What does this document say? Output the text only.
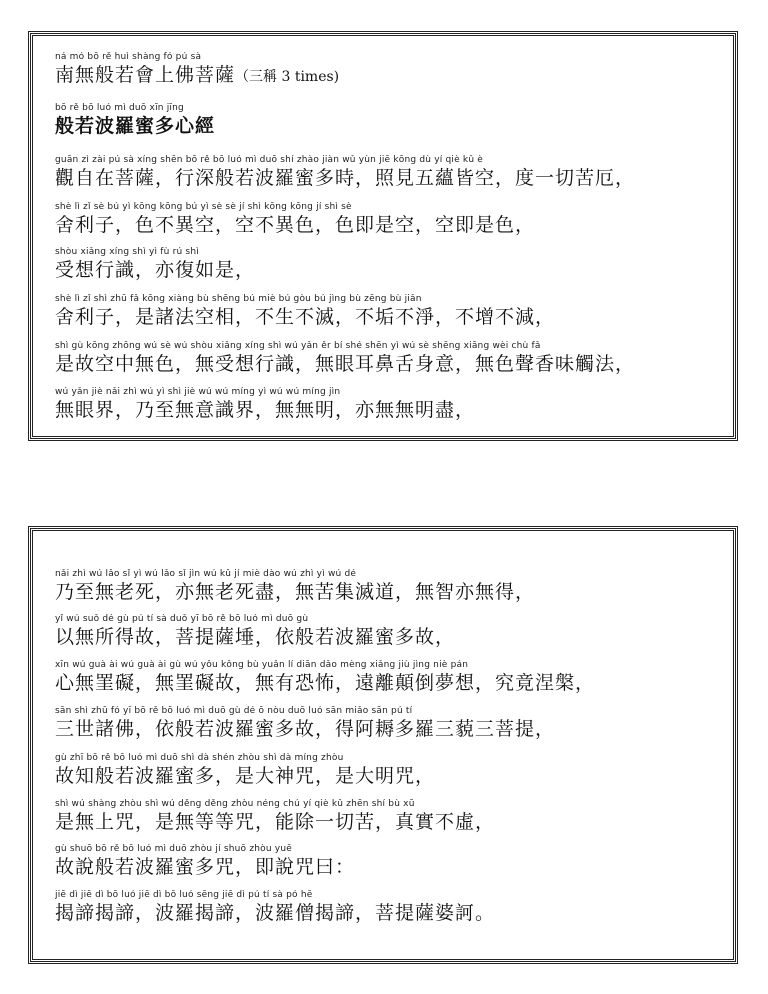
ná mó bō rě huì shàng fó pú sà
南無般若會上佛菩薩（三稱 3 times)
bō rě bō luó mì duō xīn jīng
般若波羅蜜多心經
guān zì zài pú sà xíng shēn bō rě bō luó mì duō shí zhào jiàn wǔ yùn jiē kōng dù yí qiè kǔ è
觀自在菩薩，行深般若波羅蜜多時，照見五蘊皆空，度一切苦厄，
shè lì zǐ sè bú yì kōng kōng bú yì sè sè jí shì kōng kōng jí shì sè
舍利子，色不異空，空不異色，色即是空，空即是色，
shòu xiǎng xíng shì yì fù rú shì
受想行識，亦復如是，
shè lì zǐ shì zhū fǎ kōng xiàng bù shēng bú miè bú gòu bú jìng bù zēng bù jiǎn
舍利子，是諸法空相，不生不滅，不垢不淨，不增不減，
shì gù kōng zhōng wú sè wú shòu xiǎng xíng shì wú yǎn ěr bí shé shēn yì wú sè shēng xiāng wèi chù fǎ
是故空中無色，無受想行識，無眼耳鼻舌身意，無色聲香味觸法，
wú yǎn jiè nǎi zhì wú yì shì jiè wú wú míng yì wú wú míng jìn
無眼界，乃至無意識界，無無明，亦無無明盡，
nǎi zhì wú lǎo sǐ yì wú lǎo sǐ jìn wú kǔ jí miè dào wú zhì yì wú dé
乃至無老死，亦無老死盡，無苦集滅道，無智亦無得，
yǐ wú suǒ dé gù pú tí sà duǒ yī bō rě bō luó mì duō gù
以無所得故，菩提薩埵，依般若波羅蜜多故，
xīn wú guà ài wú guà ài gù wú yǒu kǒng bù yuǎn lí diān dǎo mèng xiǎng jiù jìng niè pán
心無罣礙，無罣礙故，無有恐怖，遠離顛倒夢想，究竟涅槃，
sān shì zhū fó yī bō rě bō luó mì duō gù dé ō nòu duō luó sān miǎo sān pú tí
三世諸佛，依般若波羅蜜多故，得阿耨多羅三藐三菩提，
gù zhī bō rě bō luó mì duō shì dà shén zhòu shì dà míng zhòu
故知般若波羅蜜多，是大神咒，是大明咒，
shì wú shàng zhòu shì wú děng děng zhòu néng chú yí qiè kǔ zhēn shí bù xū
是無上咒，是無等等咒，能除一切苦，真實不虛，
gù shuō bō rě bō luó mì duō zhòu jí shuō zhòu yuē
故說般若波羅蜜多咒，即說咒曰：
jiē dì jiē dì bō luó jiē dì bō luó sēng jiē dì pú tí sà pó hē
揭諦揭諦，波羅揭諦，波羅僧揭諦，菩提薩婆訶。
